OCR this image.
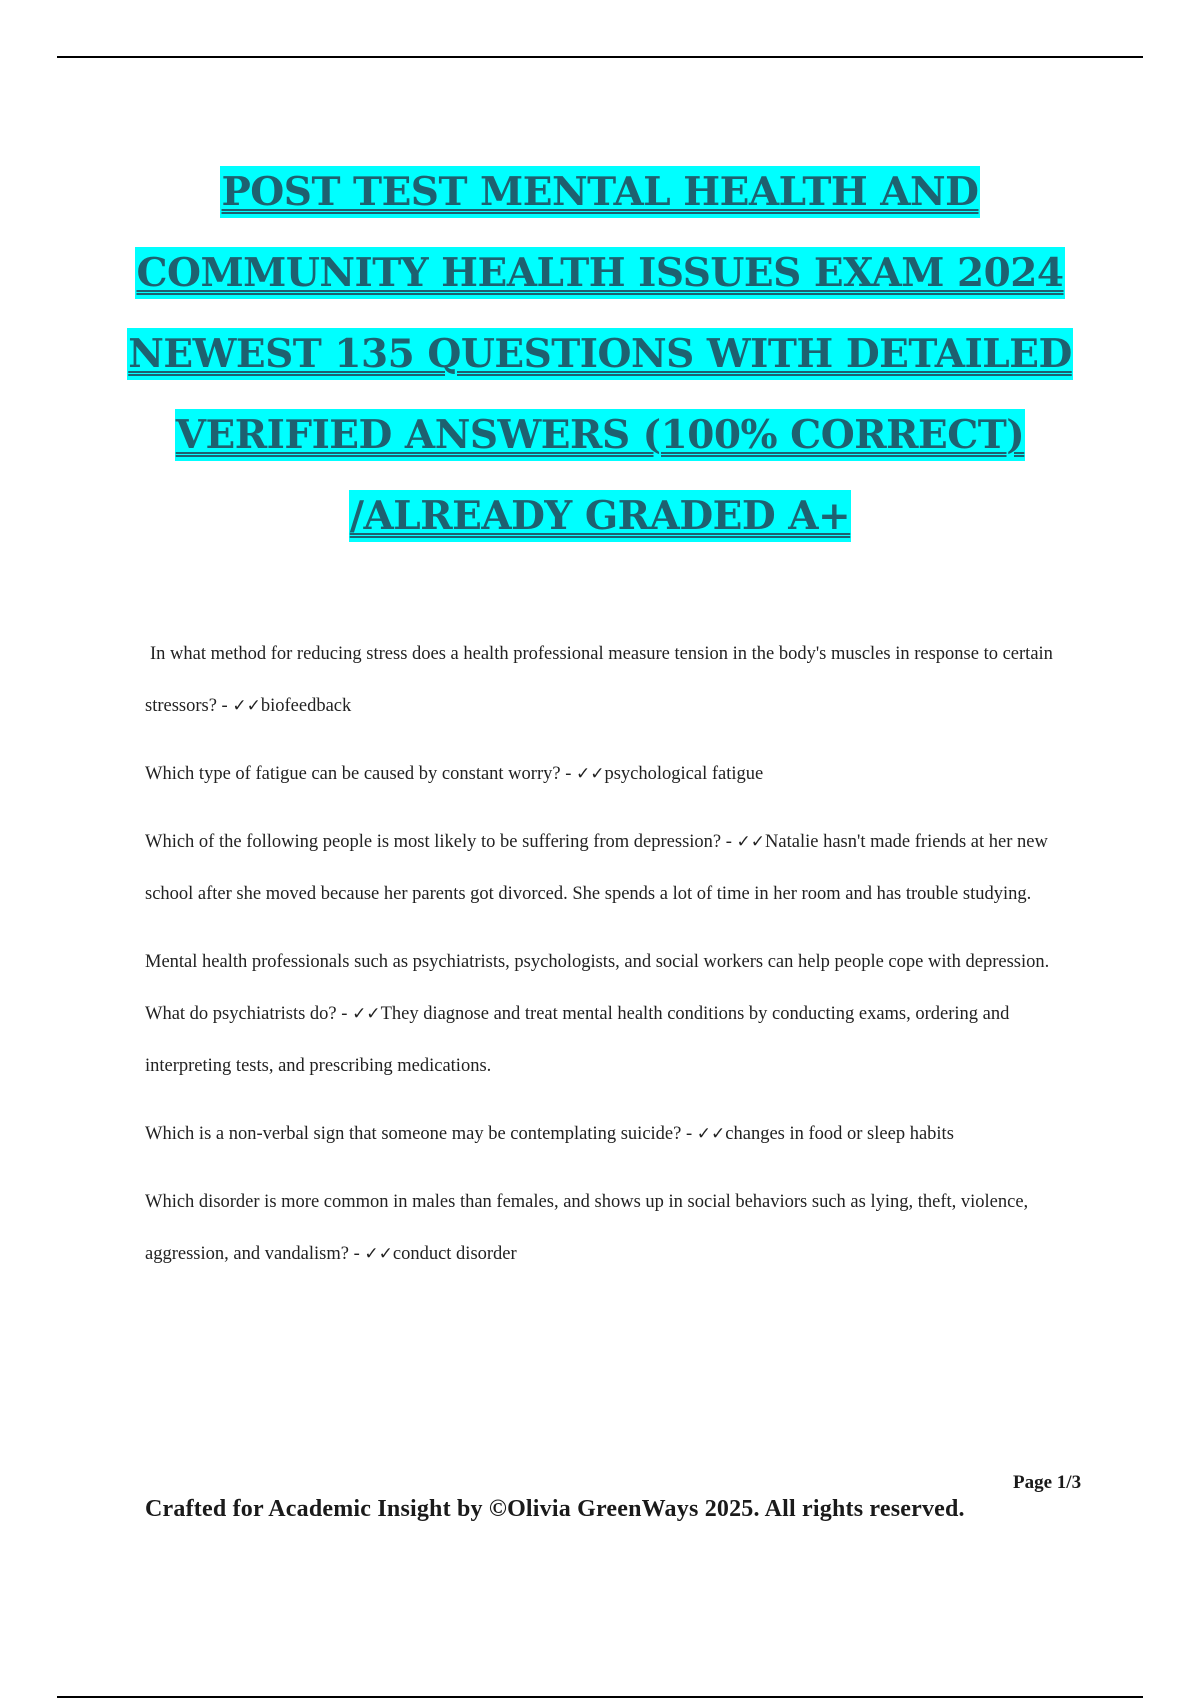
POST TEST MENTAL HEALTH AND
COMMUNITY HEALTH ISSUES EXAM 2024
NEWEST 135 QUESTIONS WITH DETAILED
VERIFIED ANSWERS (100% CORRECT)
/ALREADY GRADED A+

In what method for reducing stress does a health professional measure tension in the body's muscles in response to certain stressors? - ✓✓biofeedback

Which type of fatigue can be caused by constant worry? - ✓✓psychological fatigue

Which of the following people is most likely to be suffering from depression? - ✓✓Natalie hasn't made friends at her new school after she moved because her parents got divorced. She spends a lot of time in her room and has trouble studying.

Mental health professionals such as psychiatrists, psychologists, and social workers can help people cope with depression. What do psychiatrists do? - ✓✓They diagnose and treat mental health conditions by conducting exams, ordering and interpreting tests, and prescribing medications.

Which is a non-verbal sign that someone may be contemplating suicide? - ✓✓changes in food or sleep habits

Which disorder is more common in males than females, and shows up in social behaviors such as lying, theft, violence, aggression, and vandalism? - ✓✓conduct disorder

Page 1/3
Crafted for Academic Insight by ©Olivia GreenWays 2025. All rights reserved.
